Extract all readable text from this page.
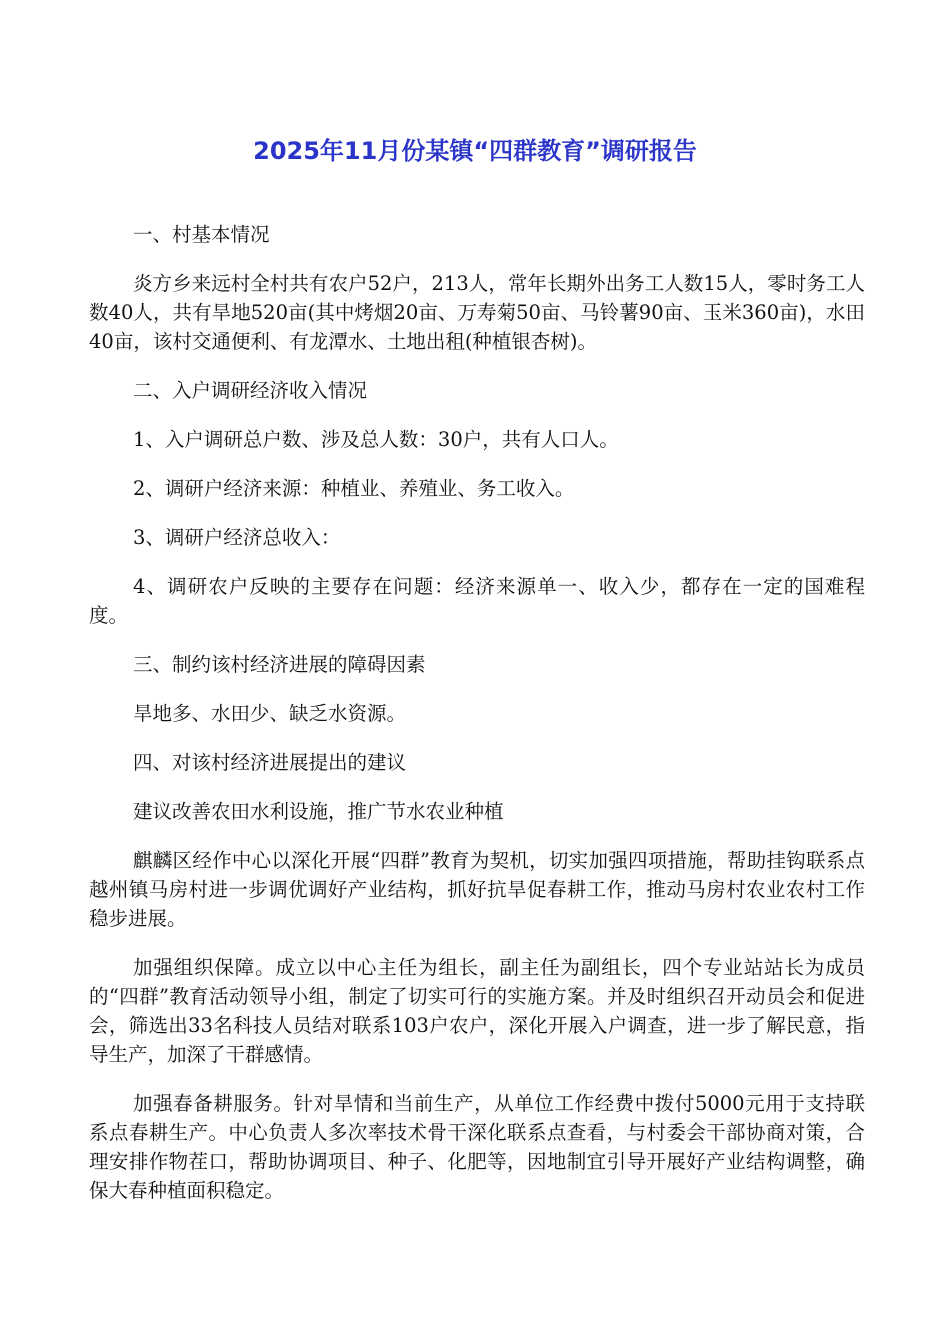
2025年11月份某镇“四群教育”调研报告

一、村基本情况

炎方乡来远村全村共有农户52户，213人，常年长期外出务工人数15人，零时务工人数40人，共有旱地520亩(其中烤烟20亩、万寿菊50亩、马铃薯90亩、玉米360亩)，水田40亩，该村交通便利、有龙潭水、土地出租(种植银杏树)。

二、入户调研经济收入情况

1、入户调研总户数、涉及总人数：30户，共有人口人。

2、调研户经济来源：种植业、养殖业、务工收入。

3、调研户经济总收入：

4、调研农户反映的主要存在问题：经济来源单一、收入少，都存在一定的国难程度。

三、制约该村经济进展的障碍因素

旱地多、水田少、缺乏水资源。

四、对该村经济进展提出的建议

建议改善农田水利设施，推广节水农业种植

麒麟区经作中心以深化开展“四群”教育为契机，切实加强四项措施，帮助挂钩联系点越州镇马房村进一步调优调好产业结构，抓好抗旱促春耕工作，推动马房村农业农村工作稳步进展。

加强组织保障。成立以中心主任为组长，副主任为副组长，四个专业站站长为成员的“四群”教育活动领导小组，制定了切实可行的实施方案。并及时组织召开动员会和促进会，筛选出33名科技人员结对联系103户农户，深化开展入户调查，进一步了解民意，指导生产，加深了干群感情。

加强春备耕服务。针对旱情和当前生产，从单位工作经费中拨付5000元用于支持联系点春耕生产。中心负责人多次率技术骨干深化联系点查看，与村委会干部协商对策，合理安排作物茬口，帮助协调项目、种子、化肥等，因地制宜引导开展好产业结构调整，确保大春种植面积稳定。
